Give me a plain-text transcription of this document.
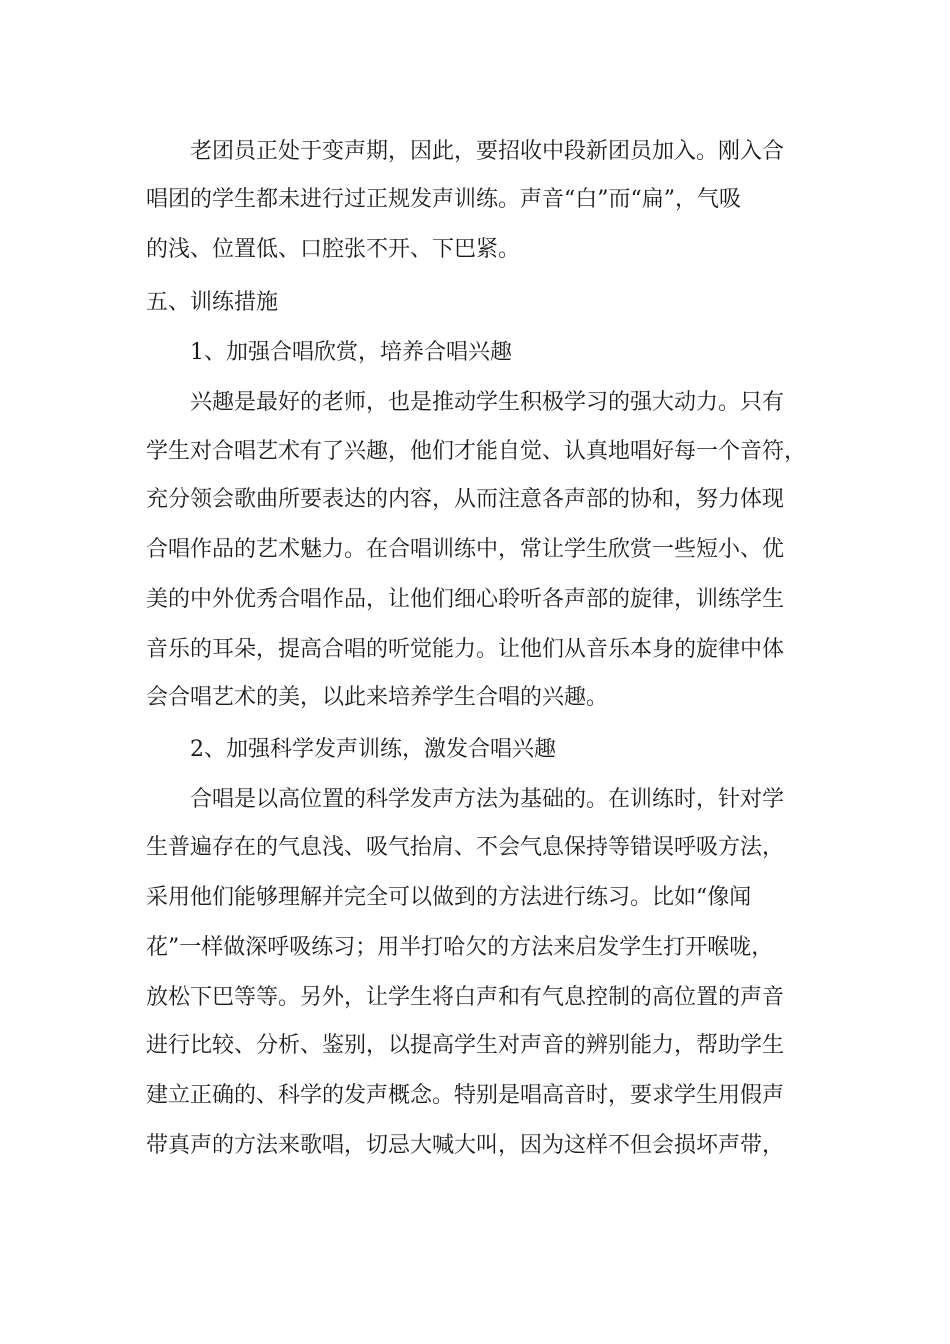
老团员正处于变声期，因此，要招收中段新团员加入。刚入合
唱团的学生都未进行过正规发声训练。声音“白”而“扁”，气吸
的浅、位置低、口腔张不开、下巴紧。
五、训练措施
1、加强合唱欣赏，培养合唱兴趣
兴趣是最好的老师，也是推动学生积极学习的强大动力。只有
学生对合唱艺术有了兴趣，他们才能自觉、认真地唱好每一个音符，
充分领会歌曲所要表达的内容，从而注意各声部的协和，努力体现
合唱作品的艺术魅力。在合唱训练中，常让学生欣赏一些短小、优
美的中外优秀合唱作品，让他们细心聆听各声部的旋律，训练学生
音乐的耳朵，提高合唱的听觉能力。让他们从音乐本身的旋律中体
会合唱艺术的美，以此来培养学生合唱的兴趣。
2、加强科学发声训练，激发合唱兴趣
合唱是以高位置的科学发声方法为基础的。在训练时，针对学
生普遍存在的气息浅、吸气抬肩、不会气息保持等错误呼吸方法，
采用他们能够理解并完全可以做到的方法进行练习。比如“像闻
花”一样做深呼吸练习；用半打哈欠的方法来启发学生打开喉咙，
放松下巴等等。另外，让学生将白声和有气息控制的高位置的声音
进行比较、分析、鉴别，以提高学生对声音的辨别能力，帮助学生
建立正确的、科学的发声概念。特别是唱高音时，要求学生用假声
带真声的方法来歌唱，切忌大喊大叫，因为这样不但会损坏声带，
